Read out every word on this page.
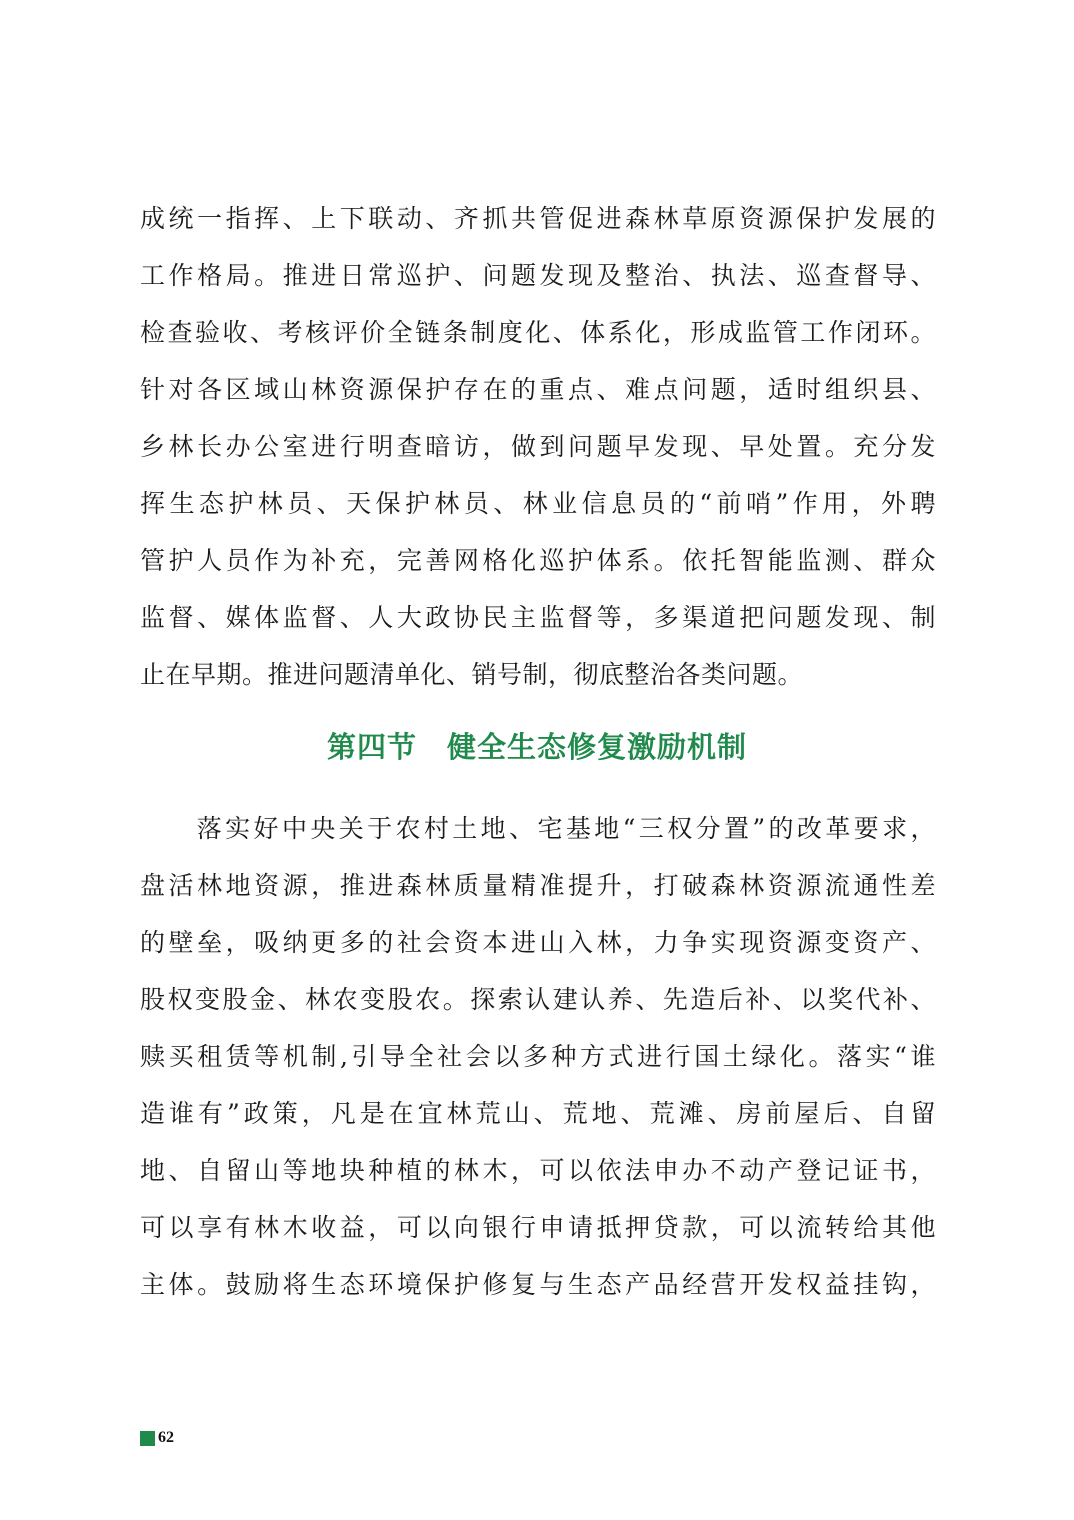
成统一指挥、上下联动、齐抓共管促进森林草原资源保护发展的
工作格局。推进日常巡护、问题发现及整治、执法、巡查督导、
检查验收、考核评价全链条制度化、体系化，形成监管工作闭环。
针对各区域山林资源保护存在的重点、难点问题，适时组织县、
乡林长办公室进行明查暗访，做到问题早发现、早处置。充分发
挥生态护林员、天保护林员、林业信息员的“前哨”作用，外聘
管护人员作为补充，完善网格化巡护体系。依托智能监测、群众
监督、媒体监督、人大政协民主监督等，多渠道把问题发现、制
止在早期。推进问题清单化、销号制，彻底整治各类问题。
第四节　健全生态修复激励机制
　　落实好中央关于农村土地、宅基地“三权分置”的改革要求，
盘活林地资源，推进森林质量精准提升，打破森林资源流通性差
的壁垒，吸纳更多的社会资本进山入林，力争实现资源变资产、
股权变股金、林农变股农。探索认建认养、先造后补、以奖代补、
赎买租赁等机制,引导全社会以多种方式进行国土绿化。落实“谁
造谁有”政策，凡是在宜林荒山、荒地、荒滩、房前屋后、自留
地、自留山等地块种植的林木，可以依法申办不动产登记证书，
可以享有林木收益，可以向银行申请抵押贷款，可以流转给其他
主体。鼓励将生态环境保护修复与生态产品经营开发权益挂钩，
62
